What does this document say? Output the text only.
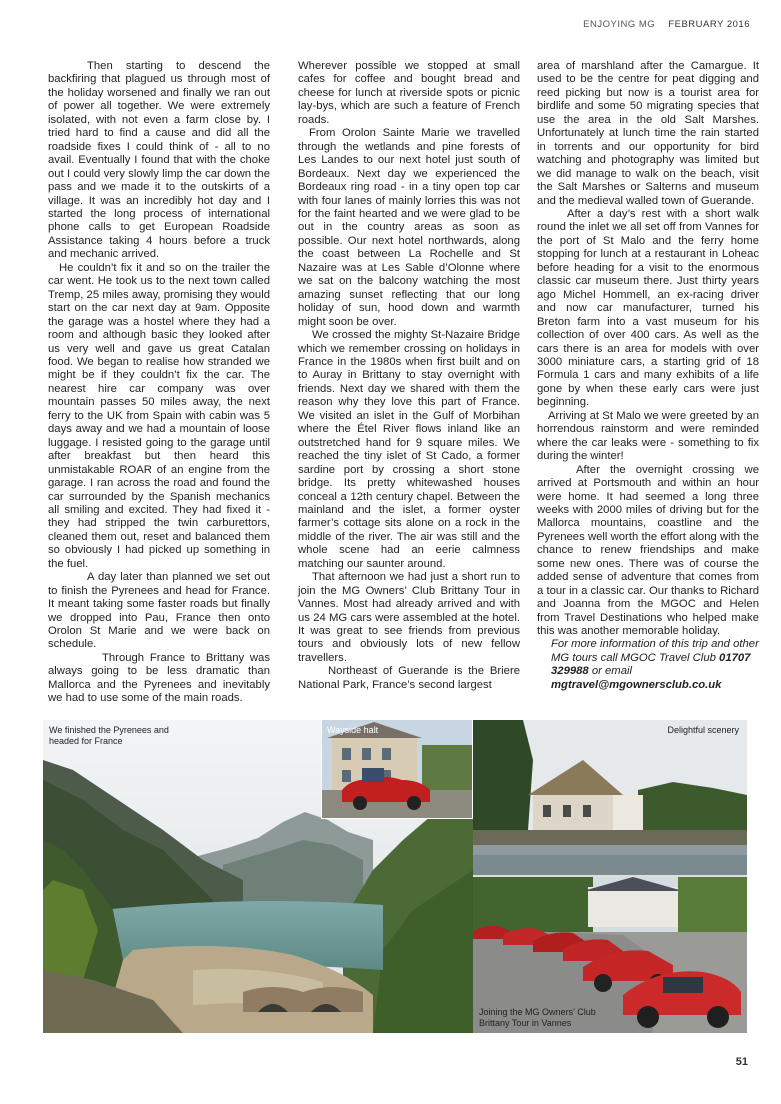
ENJOYING MG FEBRUARY 2016

Then starting to descend the backfiring that plagued us through most of the holiday worsened and finally we ran out of power all together. We were extremely isolated, with not even a farm close by. I tried hard to find a cause and did all the roadside fixes I could think of - all to no avail. Eventually I found that with the choke out I could very slowly limp the car down the pass and we made it to the outskirts of a village. It was an incredibly hot day and I started the long process of international phone calls to get European Roadside Assistance taking 4 hours before a truck and mechanic arrived.

He couldn’t fix it and so on the trailer the car went. He took us to the next town called Tremp, 25 miles away, promising they would start on the car next day at 9am. Opposite the garage was a hostel where they had a room and although basic they looked after us very well and gave us great Catalan food. We began to realise how stranded we might be if they couldn’t fix the car. The nearest hire car company was over mountain passes 50 miles away, the next ferry to the UK from Spain with cabin was 5 days away and we had a mountain of loose luggage. I resisted going to the garage until after breakfast but then heard this unmistakable ROAR of an engine from the garage. I ran across the road and found the car surrounded by the Spanish mechanics all smiling and excited. They had fixed it - they had stripped the twin carburettors, cleaned them out, reset and balanced them so obviously I had picked up something in the fuel.

A day later than planned we set out to finish the Pyrenees and head for France. It meant taking some faster roads but finally we dropped into Pau, France then onto Orolon St Marie and we were back on schedule.

Through France to Brittany was always going to be less dramatic than Mallorca and the Pyrenees and inevitably we had to use some of the main roads.

Wherever possible we stopped at small cafes for coffee and bought bread and cheese for lunch at riverside spots or picnic lay-bys, which are such a feature of French roads.

From Orolon Sainte Marie we travelled through the wetlands and pine forests of Les Landes to our next hotel just south of Bordeaux. Next day we experienced the Bordeaux ring road - in a tiny open top car with four lanes of mainly lorries this was not for the faint hearted and we were glad to be out in the country areas as soon as possible. Our next hotel northwards, along the coast between La Rochelle and St Nazaire was at Les Sable d’Olonne where we sat on the balcony watching the most amazing sunset reflecting that our long holiday of sun, hood down and warmth might soon be over.

We crossed the mighty St-Nazaire Bridge which we remember crossing on holidays in France in the 1980s when first built and on to Auray in Brittany to stay overnight with friends. Next day we shared with them the reason why they love this part of France. We visited an islet in the Gulf of Morbihan where the Étel River flows inland like an outstretched hand for 9 square miles. We reached the tiny islet of St Cado, a former sardine port by crossing a short stone bridge. Its pretty whitewashed houses conceal a 12th century chapel. Between the mainland and the islet, a former oyster farmer’s cottage sits alone on a rock in the middle of the river. The air was still and the whole scene had an eerie calmness matching our saunter around.

That afternoon we had just a short run to join the MG Owners’ Club Brittany Tour in Vannes. Most had already arrived and with us 24 MG cars were assembled at the hotel. It was great to see friends from previous tours and obviously lots of new fellow travellers.

Northeast of Guerande is the Briere National Park, France’s second largest

area of marshland after the Camargue. It used to be the centre for peat digging and reed picking but now is a tourist area for birdlife and some 50 migrating species that use the area in the old Salt Marshes. Unfortunately at lunch time the rain started in torrents and our opportunity for bird watching and photography was limited but we did manage to walk on the beach, visit the Salt Marshes or Salterns and museum and the medieval walled town of Guerande.

After a day’s rest with a short walk round the inlet we all set off from Vannes for the port of St Malo and the ferry home stopping for lunch at a restaurant in Loheac before heading for a visit to the enormous classic car museum there. Just thirty years ago Michel Hommell, an ex-racing driver and now car manufacturer, turned his Breton farm into a vast museum for his collection of over 400 cars. As well as the cars there is an area for models with over 3000 miniature cars, a starting grid of 18 Formula 1 cars and many exhibits of a life gone by when these early cars were just beginning.

Arriving at St Malo we were greeted by an horrendous rainstorm and were reminded where the car leaks were - something to fix during the winter!

After the overnight crossing we arrived at Portsmouth and within an hour were home. It had seemed a long three weeks with 2000 miles of driving but for the Mallorca mountains, coastline and the Pyrenees well worth the effort along with the chance to renew friendships and make some new ones. There was of course the added sense of adventure that comes from a tour in a classic car. Our thanks to Richard and Joanna from the MGOC and Helen from Travel Destinations who helped make this was another memorable holiday.

For more information of this trip and other MG tours call MGOC Travel Club 01707 329988 or email
mgtravel@mgownersclub.co.uk

We finished the Pyrenees and headed for France
Wayside halt	Delightful scenery
Joining the MG Owners’ Club Brittany Tour in Vannes
51
